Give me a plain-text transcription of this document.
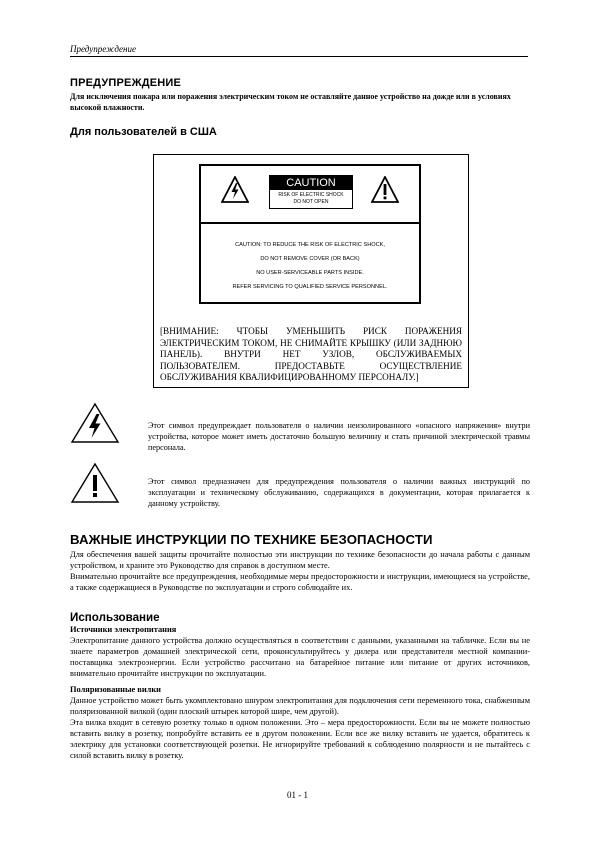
Предупреждение
ПРЕДУПРЕЖДЕНИЕ
Для исключения пожара или поражения электрическим током не оставляйте данное устройство на дожде или в условиях высокой влажности.
Для пользователей в США
CAUTION
RISK OF ELECTRIC SHOCK
DO NOT OPEN
CAUTION: TO REDUCE THE RISK OF ELECTRIC SHOCK,
DO NOT REMOVE COVER (OR BACK)
NO USER-SERVICEABLE PARTS INSIDE.
REFER SERVICING TO QUALIFIED SERVICE PERSONNEL.
[ВНИМАНИЕ: ЧТОБЫ УМЕНЬШИТЬ РИСК ПОРАЖЕНИЯ ЭЛЕКТРИЧЕСКИМ ТОКОМ, НЕ СНИМАЙТЕ КРЫШКУ (ИЛИ ЗАДНЮЮ ПАНЕЛЬ). ВНУТРИ НЕТ УЗЛОВ, ОБСЛУЖИВАЕМЫХ ПОЛЬЗОВАТЕЛЕМ. ПРЕДОСТАВЬТЕ ОСУЩЕСТВЛЕНИЕ ОБСЛУЖИВАНИЯ КВАЛИФИЦИРОВАННОМУ ПЕРСОНАЛУ.]
Этот символ предупреждает пользователя о наличии неизолированного «опасного напряжения» внутри устройства, которое может иметь достаточно большую величину и стать причиной электрической травмы персонала.
Этот символ предназначен для предупреждения пользователя о наличии важных инструкций по эксплуатации и техническому обслуживанию, содержащихся в документации, которая прилагается к данному устройству.
ВАЖНЫЕ ИНСТРУКЦИИ ПО ТЕХНИКЕ БЕЗОПАСНОСТИ
Для обеспечения вашей защиты прочитайте полностью эти инструкции по технике безопасности до начала работы с данным устройством, и храните это Руководство для справок в доступном месте.
Внимательно прочитайте все предупреждения, необходимые меры предосторожности и инструкции, имеющиеся на устройстве, а также содержащиеся в Руководстве по эксплуатации и строго соблюдайте их.
Использование
Источники электропитания
Электропитание данного устройства должно осуществляться в соответствии с данными, указанными на табличке. Если вы не знаете параметров домашней электрической сети, проконсультируйтесь у дилера или представителя местной компании-поставщика электроэнергии. Если устройство рассчитано на батарейное питание или питание от других источников, внимательно прочитайте инструкции по эксплуатации.
Поляризованные вилки
Данное устройство может быть укомплектовано шнуром электропитания для подключения сети переменного тока, снабженным поляризованной вилкой (один плоский штырек которой шире, чем другой).
Эта вилка входит в сетевую розетку только в одном положении. Это – мера предосторожности. Если вы не можете полностью вставить вилку в розетку, попробуйте вставить ее в другом положении. Если все же вилку вставить не удается, обратитесь к электрику для установки соответствующей розетки. Не игнорируйте требований к соблюдению полярности и не пытайтесь с силой вставить вилку в розетку.
01 - 1
